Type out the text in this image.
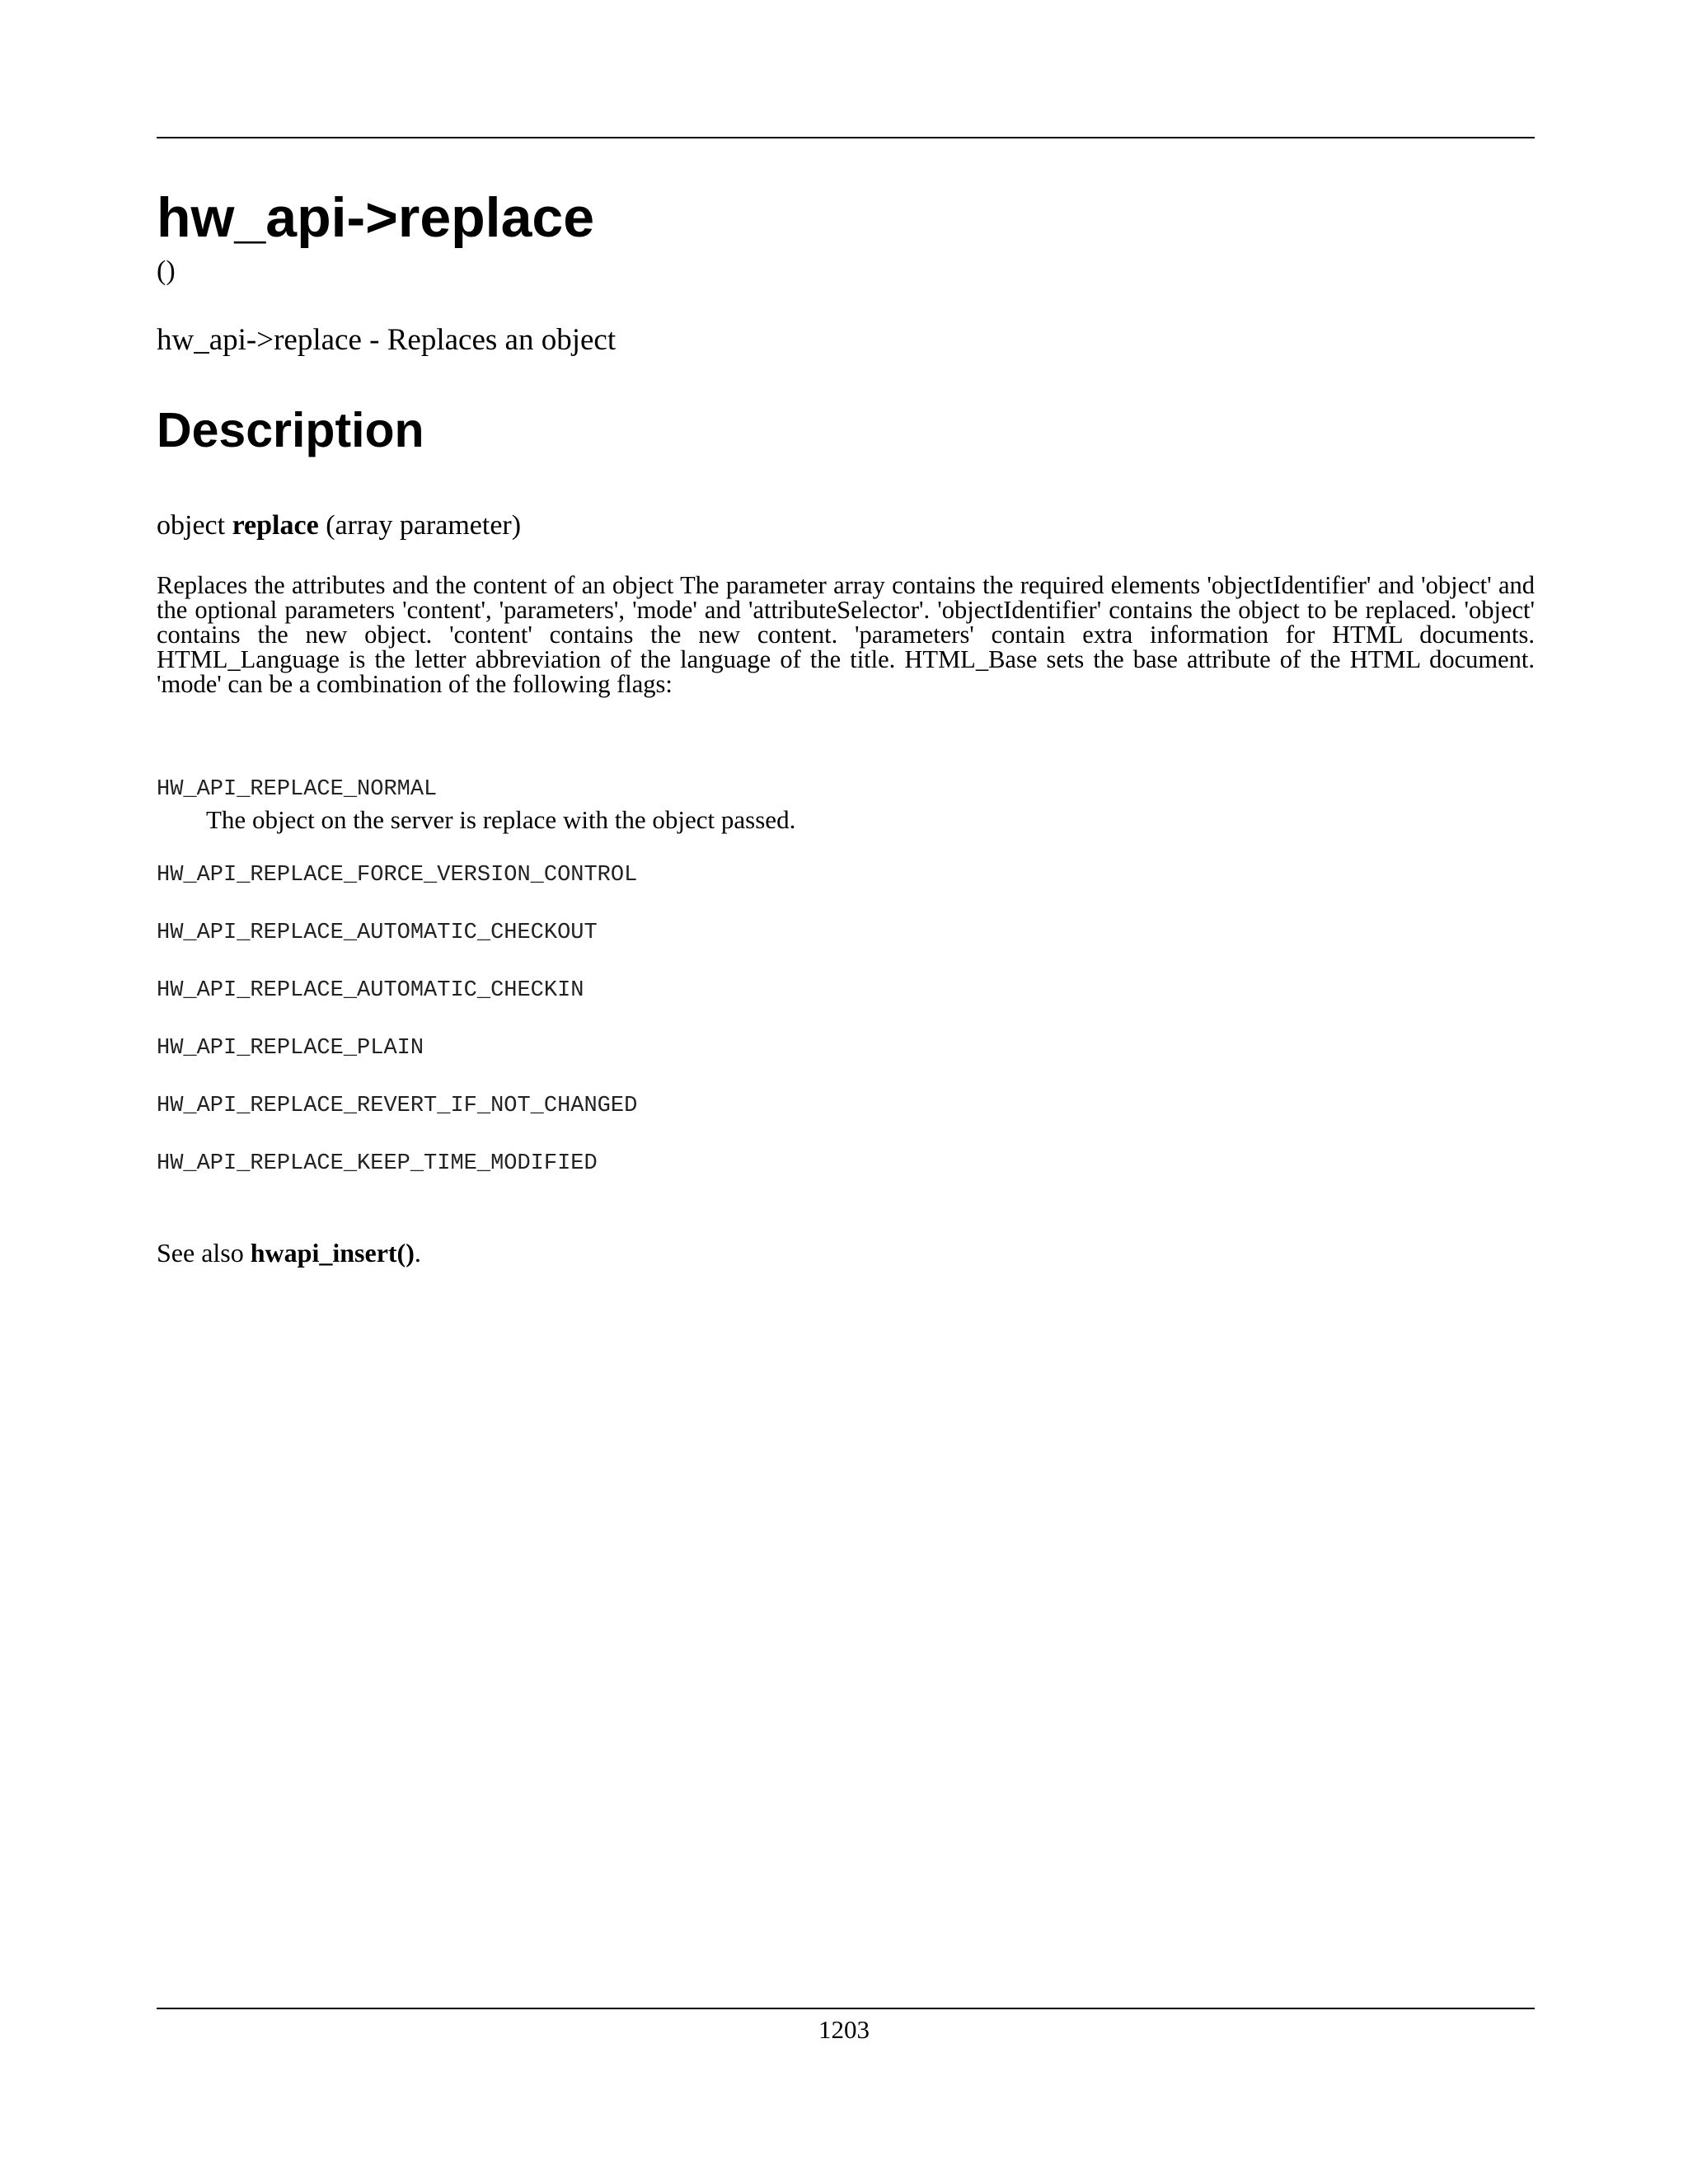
hw_api->replace
()
hw_api->replace - Replaces an object
Description
object replace (array parameter)

Replaces the attributes and the content of an object The parameter array contains the required elements 'objectIdentifier' and 'object' and the optional parameters 'content', 'parameters', 'mode' and 'attributeSelector'. 'objectIdentifier' contains the object to be replaced. 'object' contains the new object. 'content' contains the new content. 'parameters' contain extra information for HTML documents. HTML_Language is the letter abbreviation of the language of the title. HTML_Base sets the base attribute of the HTML document. 'mode' can be a combination of the following flags:

HW_API_REPLACE_NORMAL
The object on the server is replace with the object passed.
HW_API_REPLACE_FORCE_VERSION_CONTROL
HW_API_REPLACE_AUTOMATIC_CHECKOUT
HW_API_REPLACE_AUTOMATIC_CHECKIN
HW_API_REPLACE_PLAIN
HW_API_REPLACE_REVERT_IF_NOT_CHANGED
HW_API_REPLACE_KEEP_TIME_MODIFIED
See also hwapi_insert().
1203
